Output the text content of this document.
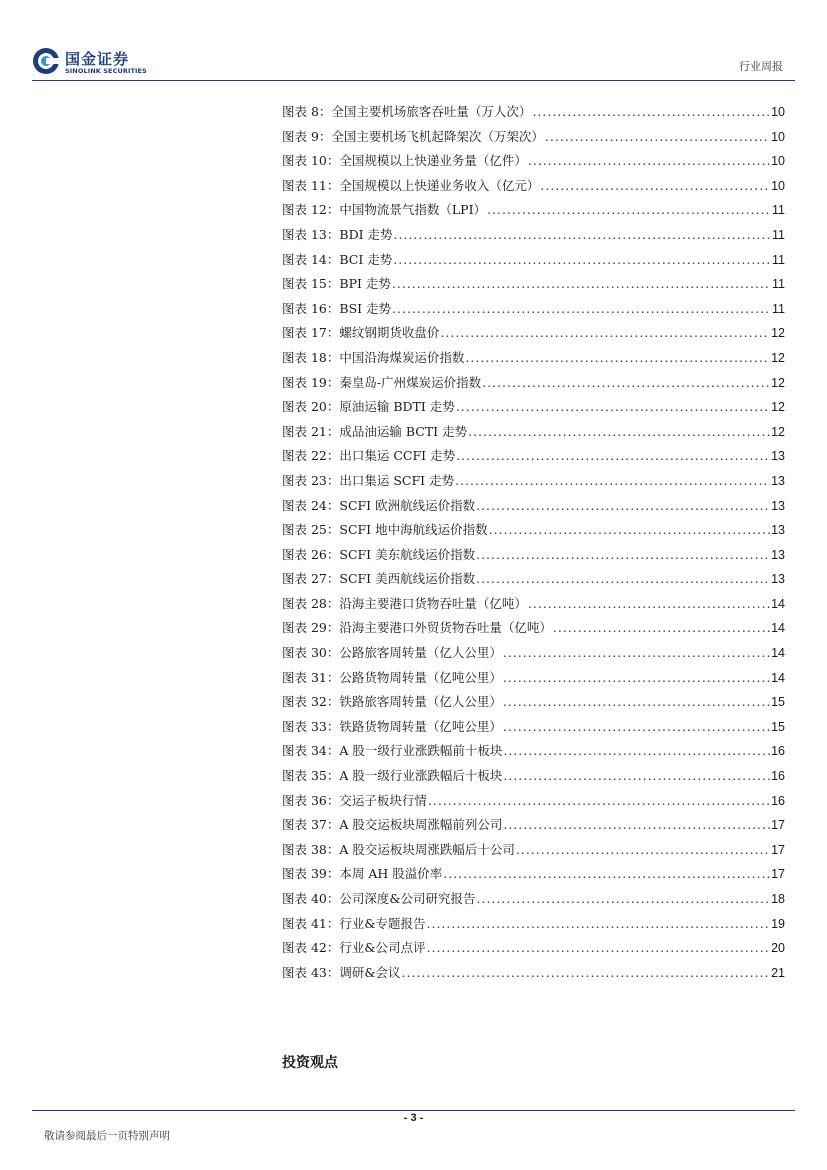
国金证券
SINOLINK SECURITIES	行业周报
图表 8：全国主要机场旅客吞吐量（万人次） .....	10
图表 9：全国主要机场飞机起降架次（万架次） .....	10
图表 10：全国规模以上快递业务量（亿件） .....	10
图表 11：全国规模以上快递业务收入（亿元） .....	10
图表 12：中国物流景气指数（LPI） .....	11
图表 13：BDI 走势 .....	11
图表 14：BCI 走势 .....	11
图表 15：BPI 走势 .....	11
图表 16：BSI 走势 .....	11
图表 17：螺纹钢期货收盘价 .....	12
图表 18：中国沿海煤炭运价指数 .....	12
图表 19：秦皇岛-广州煤炭运价指数 .....	12
图表 20：原油运输 BDTI 走势 .....	12
图表 21：成品油运输 BCTI 走势 .....	12
图表 22：出口集运 CCFI 走势 .....	13
图表 23：出口集运 SCFI 走势 .....	13
图表 24：SCFI 欧洲航线运价指数 .....	13
图表 25：SCFI 地中海航线运价指数 .....	13
图表 26：SCFI 美东航线运价指数 .....	13
图表 27：SCFI 美西航线运价指数 .....	13
图表 28：沿海主要港口货物吞吐量（亿吨） .....	14
图表 29：沿海主要港口外贸货物吞吐量（亿吨） .....	14
图表 30：公路旅客周转量（亿人公里） .....	14
图表 31：公路货物周转量（亿吨公里） .....	14
图表 32：铁路旅客周转量（亿人公里） .....	15
图表 33：铁路货物周转量（亿吨公里） .....	15
图表 34：A 股一级行业涨跌幅前十板块 .....	16
图表 35：A 股一级行业涨跌幅后十板块 .....	16
图表 36：交运子板块行情 .....	16
图表 37：A 股交运板块周涨幅前列公司 .....	17
图表 38：A 股交运板块周涨跌幅后十公司 .....	17
图表 39：本周 AH 股溢价率 .....	17
图表 40：公司深度&公司研究报告 .....	18
图表 41：行业&专题报告 .....	19
图表 42：行业&公司点评 .....	20
图表 43：调研&会议 .....	21
投资观点
- 3 -
敬请参阅最后一页特别声明
